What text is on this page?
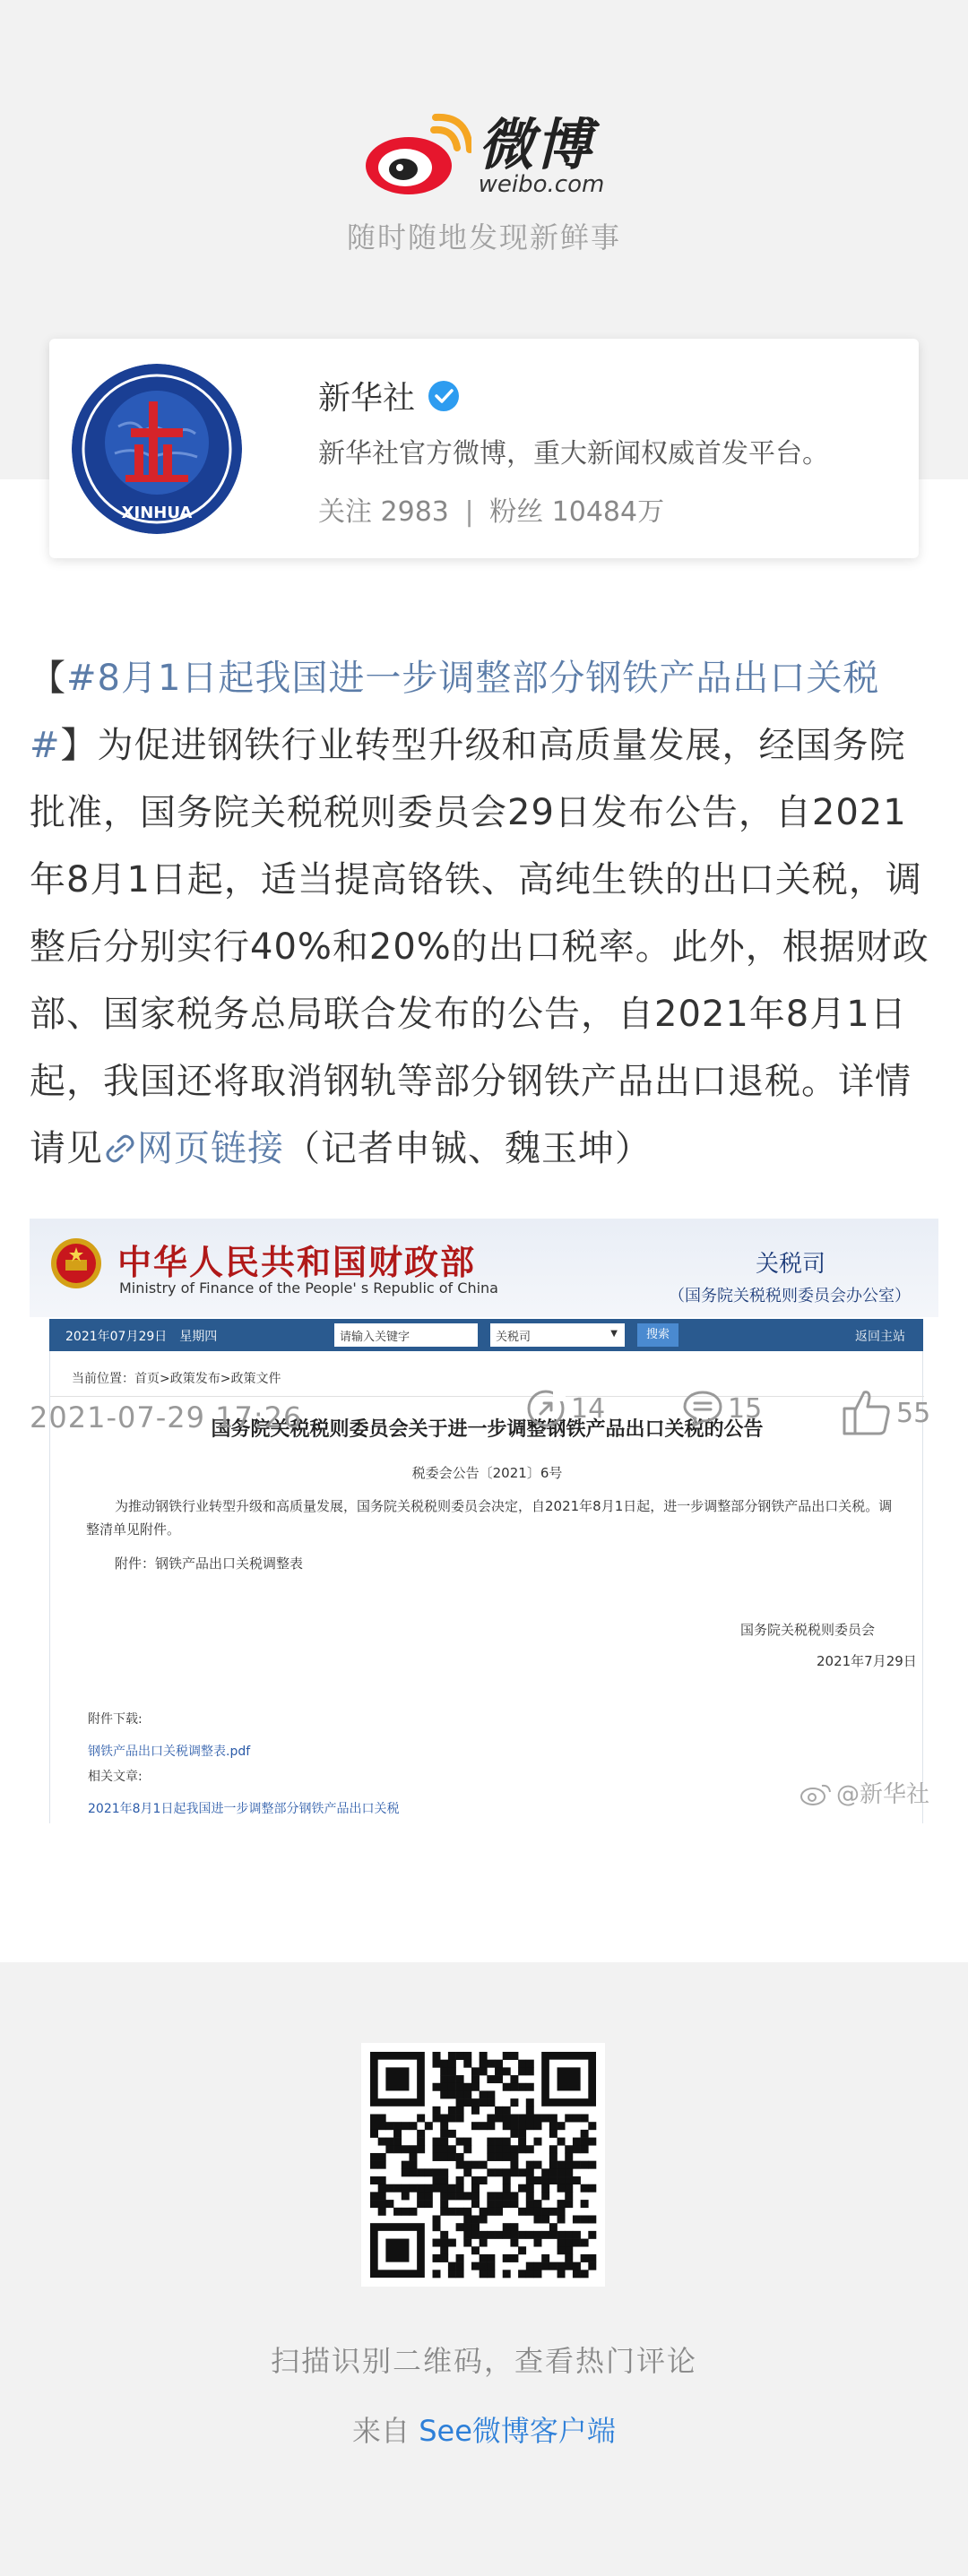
微博
weibo.com
随时随地发现新鲜事
XINHUA
新华社
新华社官方微博，重大新闻权威首发平台。
关注 2983 | 粉丝 10484万
【#8月1日起我国进一步调整部分钢铁产品出口关税#】为促进钢铁行业转型升级和高质量发展，经国务院批准，国务院关税税则委员会29日发布公告，自2021年8月1日起，适当提高铬铁、高纯生铁的出口关税，调整后分别实行40%和20%的出口税率。此外，根据财政部、国家税务总局联合发布的公告，自2021年8月1日起，我国还将取消钢轨等部分钢铁产品出口退税。详情请见 网页链接（记者申铖、魏玉坤）
中华人民共和国财政部
Ministry of Finance of the People' s Republic of China
关税司
（国务院关税税则委员会办公室）
2021年07月29日　星期四	请输入关键字	关税司	▼	搜索	返回主站
当前位置：首页>政策发布>政策文件
国务院关税税则委员会关于进一步调整钢铁产品出口关税的公告
税委会公告〔2021〕6号
为推动钢铁行业转型升级和高质量发展，国务院关税税则委员会决定，自2021年8月1日起，进一步调整部分钢铁产品出口关税。调整清单见附件。
附件：钢铁产品出口关税调整表
国务院关税税则委员会
2021年7月29日
附件下载:
钢铁产品出口关税调整表.pdf
相关文章:
2021年8月1日起我国进一步调整部分钢铁产品出口关税
@新华社
2021-07-29 17:26	14	15	55
扫描识别二维码，查看热门评论
来自 See微博客户端
